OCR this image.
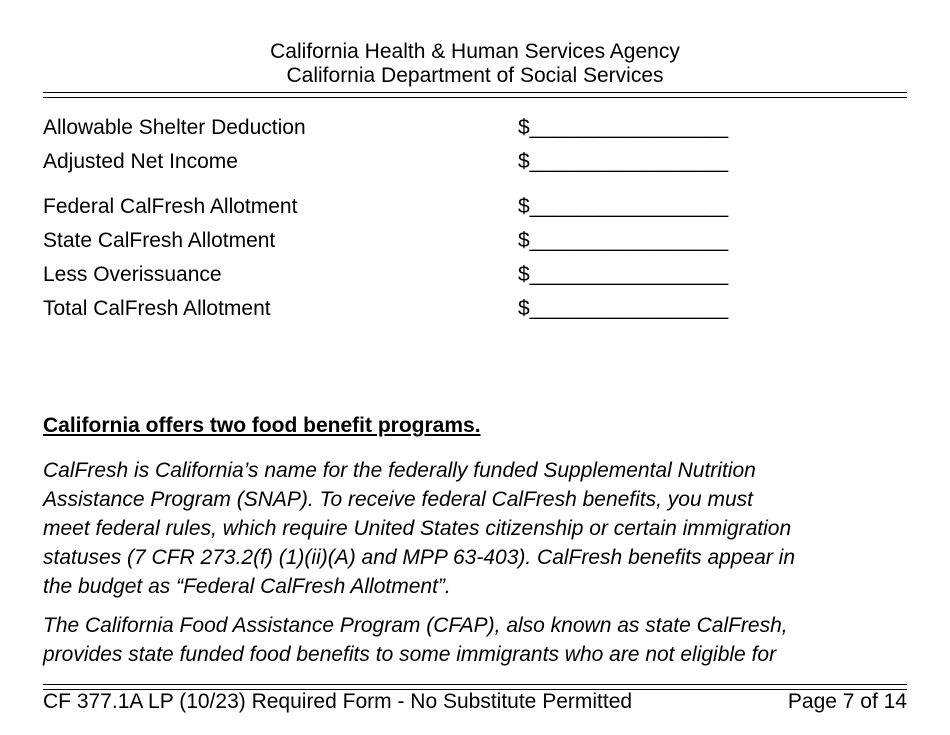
California Health & Human Services Agency
California Department of Social Services
Allowable Shelter Deduction	$_________________
Adjusted Net Income	$_________________
Federal CalFresh Allotment	$_________________
State CalFresh Allotment	$_________________
Less Overissuance	$_________________
Total CalFresh Allotment	$_________________
California offers two food benefit programs.
CalFresh is California’s name for the federally funded Supplemental Nutrition
Assistance Program (SNAP). To receive federal CalFresh benefits, you must
meet federal rules, which require United States citizenship or certain immigration
statuses (7 CFR 273.2(f) (1)(ii)(A) and MPP 63-403). CalFresh benefits appear in
the budget as “Federal CalFresh Allotment”.
The California Food Assistance Program (CFAP), also known as state CalFresh,
provides state funded food benefits to some immigrants who are not eligible for
CF 377.1A LP (10/23) Required Form - No Substitute Permitted	Page 7 of 14
